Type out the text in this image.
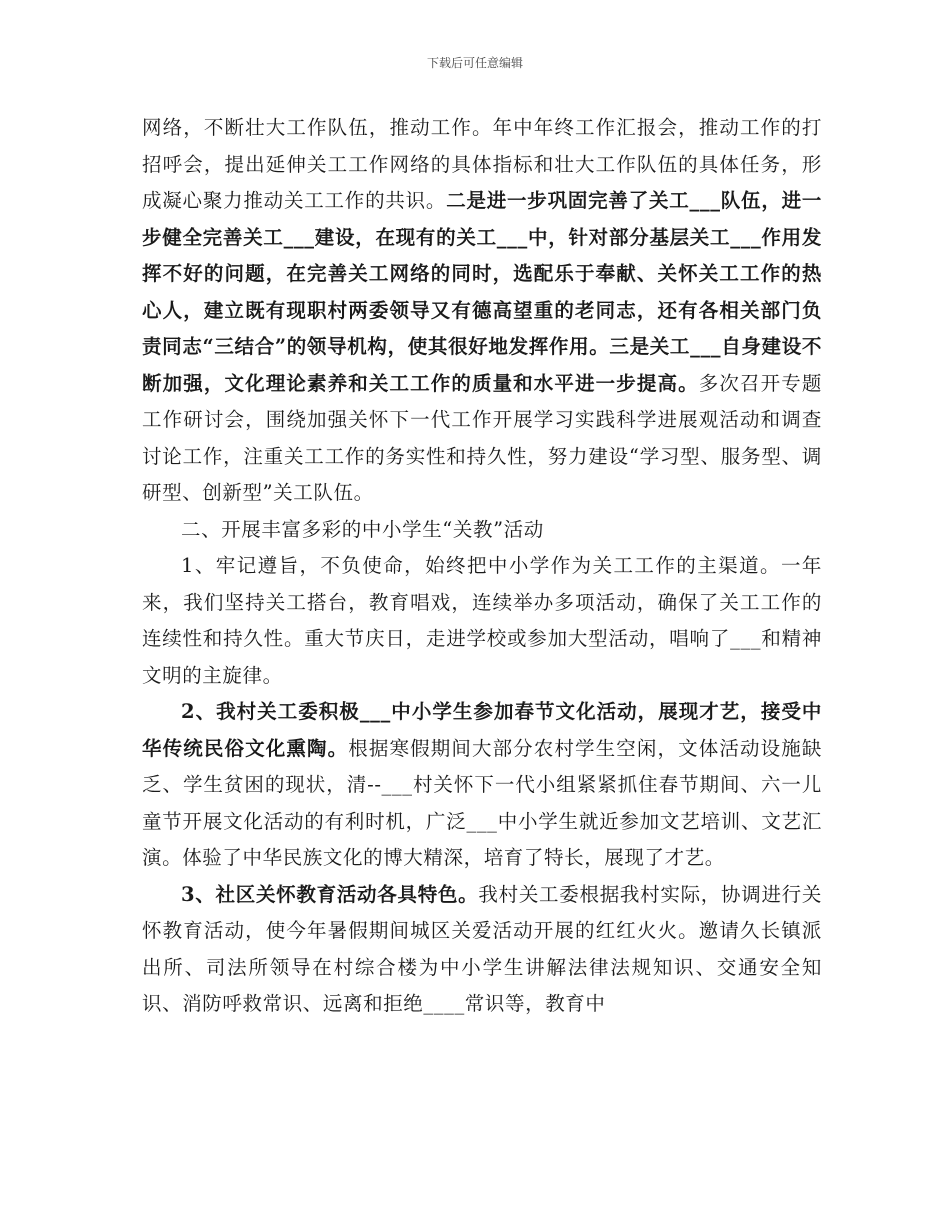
下载后可任意编辑

网络，不断壮大工作队伍，推动工作。年中年终工作汇报会，推动工作的打招呼会，提出延伸关工工作网络的具体指标和壮大工作队伍的具体任务，形成凝心聚力推动关工工作的共识。二是进一步巩固完善了关工___队伍，进一步健全完善关工___建设，在现有的关工___中，针对部分基层关工___作用发挥不好的问题，在完善关工网络的同时，选配乐于奉献、关怀关工工作的热心人，建立既有现职村两委领导又有德高望重的老同志，还有各相关部门负责同志“三结合”的领导机构，使其很好地发挥作用。三是关工___自身建设不断加强，文化理论素养和关工工作的质量和水平进一步提高。多次召开专题工作研讨会，围绕加强关怀下一代工作开展学习实践科学进展观活动和调查讨论工作，注重关工工作的务实性和持久性，努力建设“学习型、服务型、调研型、创新型”关工队伍。

二、开展丰富多彩的中小学生“关教”活动

1、牢记遵旨，不负使命，始终把中小学作为关工工作的主渠道。一年来，我们坚持关工搭台，教育唱戏，连续举办多项活动，确保了关工工作的连续性和持久性。重大节庆日，走进学校或参加大型活动，唱响了___和精神文明的主旋律。

2、我村关工委积极___中小学生参加春节文化活动，展现才艺，接受中华传统民俗文化熏陶。根据寒假期间大部分农村学生空闲，文体活动设施缺乏、学生贫困的现状，清--___村关怀下一代小组紧紧抓住春节期间、六一儿童节开展文化活动的有利时机，广泛___中小学生就近参加文艺培训、文艺汇演。体验了中华民族文化的博大精深，培育了特长，展现了才艺。

3、社区关怀教育活动各具特色。我村关工委根据我村实际，协调进行关怀教育活动，使今年暑假期间城区关爱活动开展的红红火火。邀请久长镇派出所、司法所领导在村综合楼为中小学生讲解法律法规知识、交通安全知识、消防呼救常识、远离和拒绝____常识等，教育中
